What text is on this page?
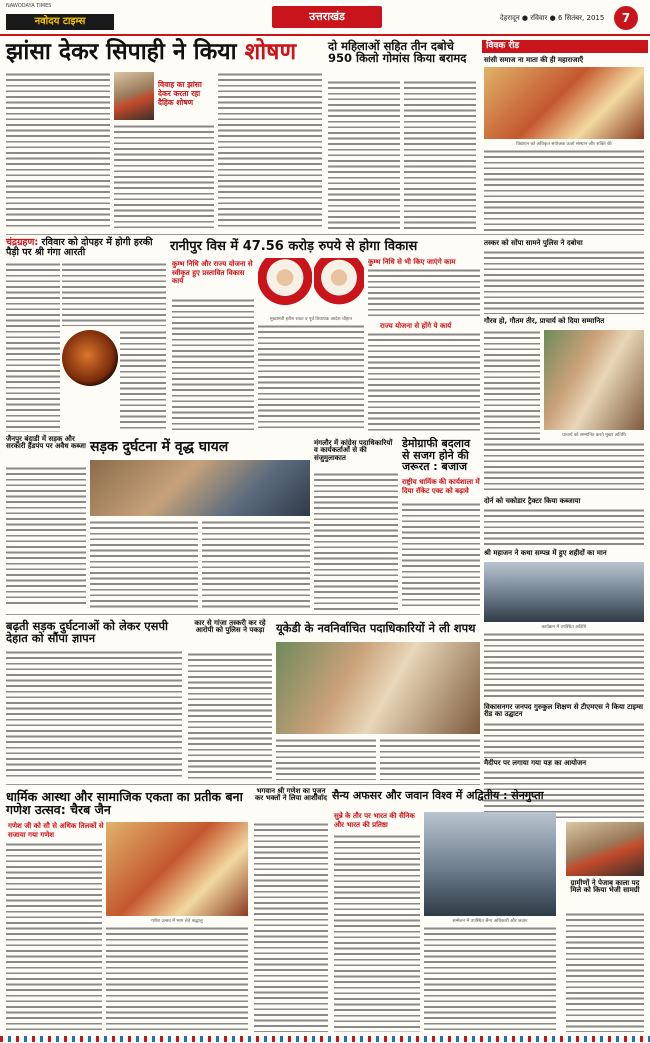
NAWODAYA TIMES
नवोदय टाइम्स	उत्तराखंड	देहरादून ● रविवार ● 6 सितंबर, 2015	7
झांसा देकर सिपाही ने किया शोषण
विवाह का झांसा देकर करता रहा दैहिक शोषण
दो महिलाओं सहित तीन दबोचे 950 किलो गोमांस किया बरामद
विवक रीड
सांसी समाज ना माता की ही महाराजाएँ
विद्यायन को अधिकृत संयोजक ऊर्जा संस्थान और शक्ति की
चंद्रग्रहण: रविवार को दोपहर में होगी हरकी पैड़ी पर श्री गंगा आरती	रानीपुर विस में 47.56 करोड़ रुपये से होगा विकास
कुम्भ निधि और राज्य योजना से स्वीकृत हुए प्रस्तावित विकास कार्य
मुख्यमंत्री हरीश रावत व पूर्व विधायक आदेश चौहान
कुम्भ निधि से भी किए जाएंगे काम
राज्य योजना से होंगे ये कार्य
तस्कर को सोंपा सामने पुलिस ने दबोचा
गौरव हो, गौतम तीर, प्राचार्य को दिया सम्मानित
प्राचार्य को सम्मानित करते मुख्य अतिथि
जैनपुर बंदाडी में सड़क और सरकारी हैंडपंप पर अवैध कब्जा सड़क दुर्घटना में वृद्ध घायल	मंगलौर में कांग्रेस पदाधिकारियों व कार्यकर्ताओं से की संजुमुलाकात
डेमोग्राफी बदलाव से सजग होने की जरूरत : बजाज
राष्ट्रीय धार्मिक की कार्यशाला में दिया रॉकेट एक्ट को बढ़ावे
दोर्न को चकोडार ट्रैक्टर किया कब्जाया
श्री महाजन ने कथा सम्पन्न में हुए शहीदों का मान
कार्यक्रम में उपस्थित अतिथि
बढ़ती सड़क दुर्घटनाओं को लेकर एसपी देहात को सौंपा ज्ञापन
कार से गांजा तस्करी कर रहे आरोपी को पुलिस ने पकड़ा	यूकेडी के नवनिर्वाचित पदाधिकारियों ने ली शपथ
विकासनगर जनपद गुरुकुल शिक्षण से टीएमएस ने किया टाइम्स रीड का उद्घाटन
मैदीपर पर लगाया गया यज्ञ का आयोजन
धार्मिक आस्था और सामाजिक एकता का प्रतीक बना गणेश उत्सव: चैरब जैन
गणेश जी को सौ से अधिक तिलकों से सजाया गया गणेश
गणेश उत्सव में भाग लेते श्रद्धालु
भगवान श्री गणेश का पूजन कर भक्तों ने लिया आशीर्वाद सैन्य अफसर और जवान विश्व में अद्वितीय : सेनगुप्ता
सुन्ने के तौर पर भारत की सैनिक और भारत की प्रतिष्ठा
सम्मेलन में उपस्थित सैन्य अधिकारी और जवान
ग्रामीणों ने पेजाब काला पद मिले को किया भेजी सामग्री
